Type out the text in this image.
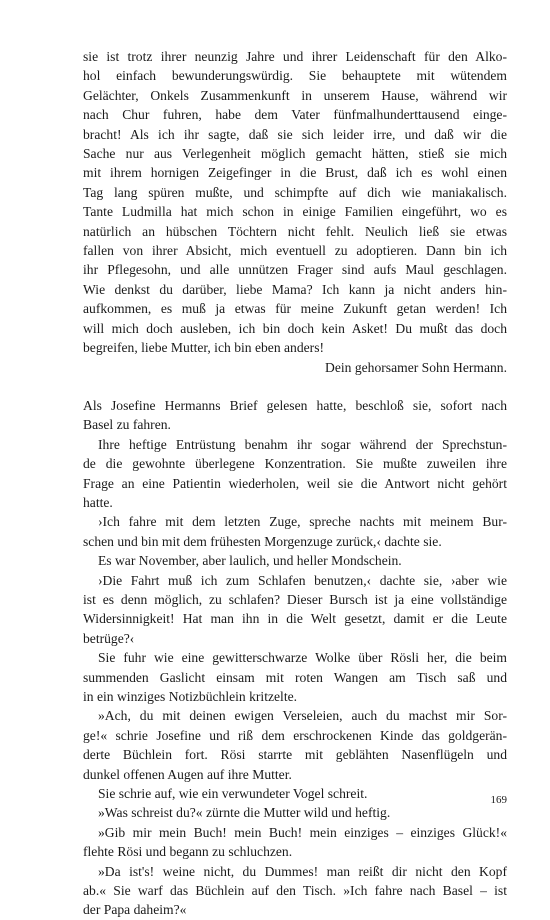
sie ist trotz ihrer neunzig Jahre und ihrer Leidenschaft für den Alko-
hol einfach bewunderungswürdig. Sie behauptete mit wütendem
Gelächter, Onkels Zusammenkunft in unserem Hause, während wir
nach Chur fuhren, habe dem Vater fünfmalhunderttausend einge-
bracht! Als ich ihr sagte, daß sie sich leider irre, und daß wir die
Sache nur aus Verlegenheit möglich gemacht hätten, stieß sie mich
mit ihrem hornigen Zeigefinger in die Brust, daß ich es wohl einen
Tag lang spüren mußte, und schimpfte auf dich wie maniakalisch.
Tante Ludmilla hat mich schon in einige Familien eingeführt, wo es
natürlich an hübschen Töchtern nicht fehlt. Neulich ließ sie etwas
fallen von ihrer Absicht, mich eventuell zu adoptieren. Dann bin ich
ihr Pflegesohn, und alle unnützen Frager sind aufs Maul geschlagen.
Wie denkst du darüber, liebe Mama? Ich kann ja nicht anders hin-
aufkommen, es muß ja etwas für meine Zukunft getan werden! Ich
will mich doch ausleben, ich bin doch kein Asket! Du mußt das doch
begreifen, liebe Mutter, ich bin eben anders!
Dein gehorsamer Sohn Hermann.
Als Josefine Hermanns Brief gelesen hatte, beschloß sie, sofort nach
Basel zu fahren.
Ihre heftige Entrüstung benahm ihr sogar während der Sprechstun-
de die gewohnte überlegene Konzentration. Sie mußte zuweilen ihre
Frage an eine Patientin wiederholen, weil sie die Antwort nicht gehört
hatte.
›Ich fahre mit dem letzten Zuge, spreche nachts mit meinem Bur-
schen und bin mit dem frühesten Morgenzuge zurück,‹ dachte sie.
Es war November, aber laulich, und heller Mondschein.
›Die Fahrt muß ich zum Schlafen benutzen,‹ dachte sie, ›aber wie
ist es denn möglich, zu schlafen? Dieser Bursch ist ja eine vollständige
Widersinnigkeit! Hat man ihn in die Welt gesetzt, damit er die Leute
betrüge?‹
Sie fuhr wie eine gewitterschwarze Wolke über Rösli her, die beim
summenden Gaslicht einsam mit roten Wangen am Tisch saß und
in ein winziges Notizbüchlein kritzelte.
»Ach, du mit deinen ewigen Verseleien, auch du machst mir Sor-
ge!« schrie Josefine und riß dem erschrockenen Kinde das goldgerän-
derte Büchlein fort. Rösi starrte mit geblähten Nasenflügeln und
dunkel offenen Augen auf ihre Mutter.
Sie schrie auf, wie ein verwundeter Vogel schreit.
»Was schreist du?« zürnte die Mutter wild und heftig.
»Gib mir mein Buch! mein Buch! mein einziges – einziges Glück!«
flehte Rösi und begann zu schluchzen.
»Da ist's! weine nicht, du Dummes! man reißt dir nicht den Kopf
ab.« Sie warf das Büchlein auf den Tisch. »Ich fahre nach Basel – ist
der Papa daheim?«
169
